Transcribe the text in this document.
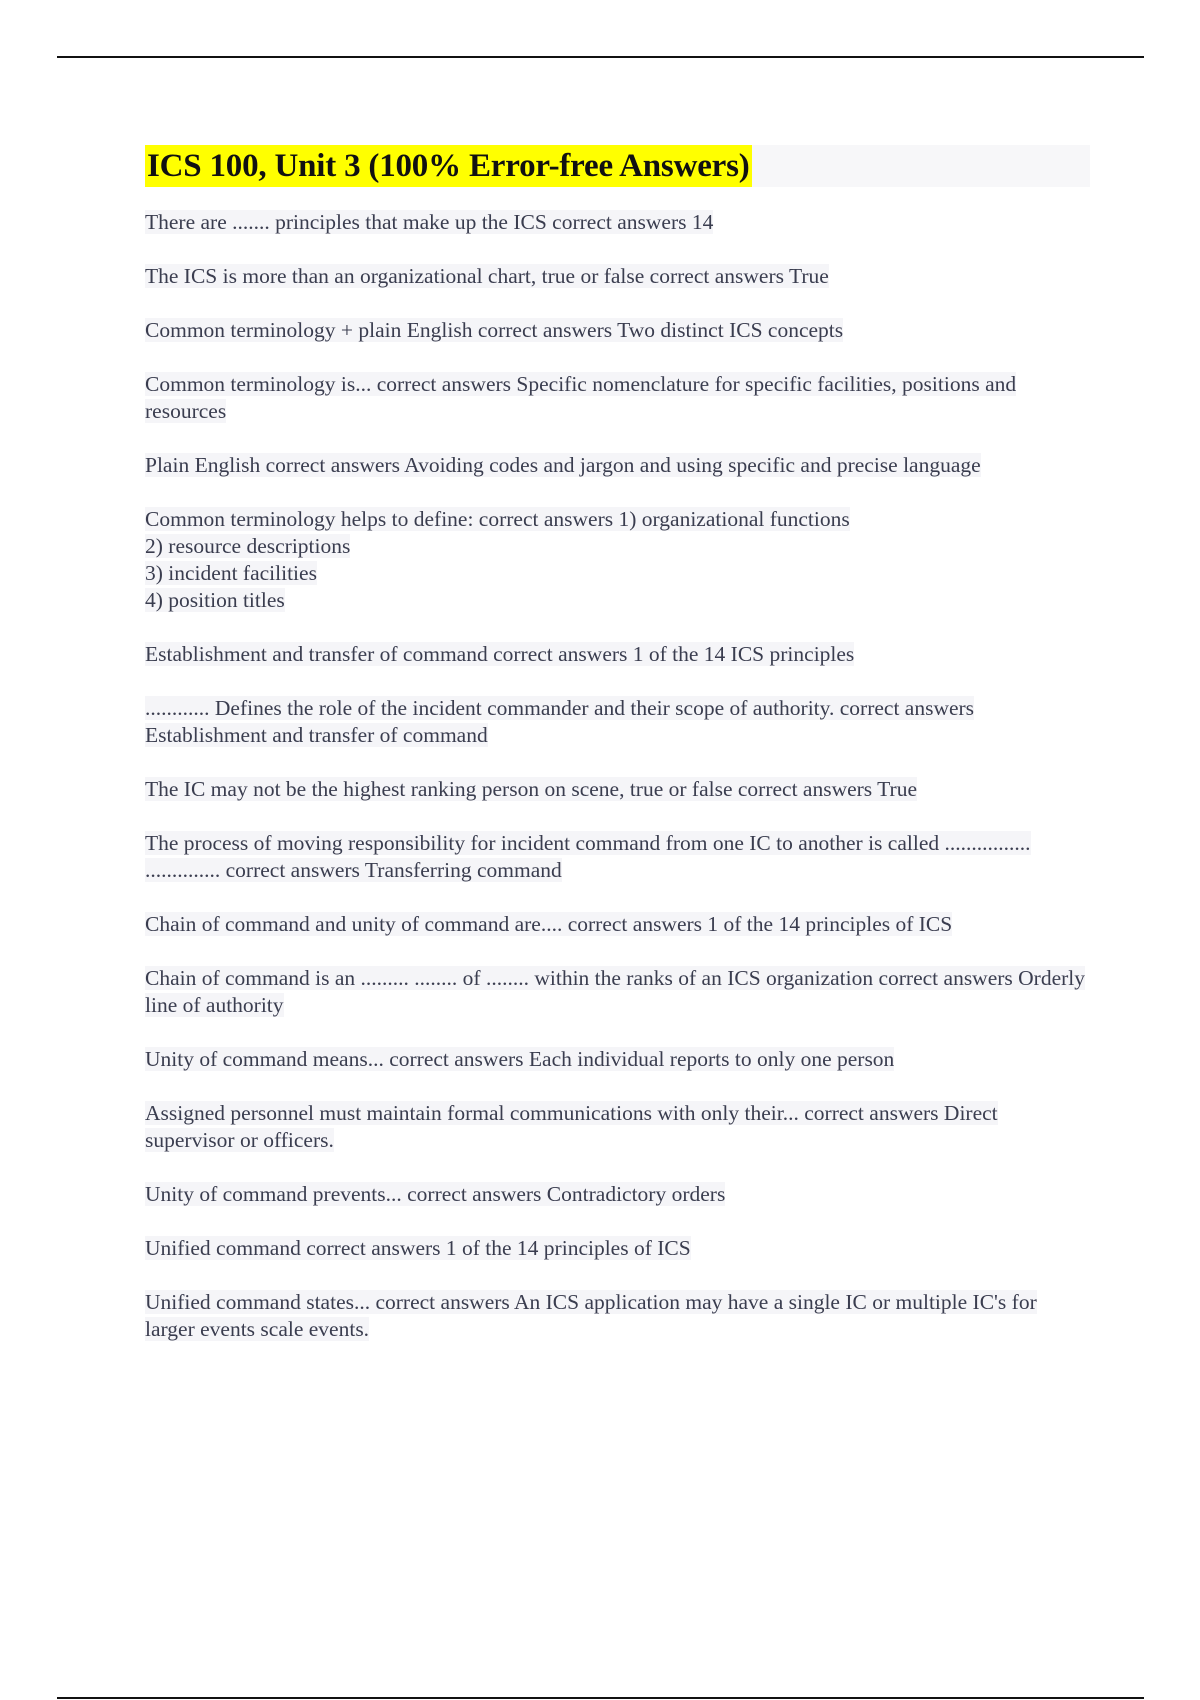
ICS 100, Unit 3 (100% Error-free Answers)
There are ....... principles that make up the ICS correct answers 14
The ICS is more than an organizational chart, true or false correct answers True
Common terminology + plain English correct answers Two distinct ICS concepts
Common terminology is... correct answers Specific nomenclature for specific facilities, positions and resources
Plain English correct answers Avoiding codes and jargon and using specific and precise language
Common terminology helps to define: correct answers 1) organizational functions
2) resource descriptions
3) incident facilities
4) position titles
Establishment and transfer of command correct answers 1 of the 14 ICS principles
............ Defines the role of the incident commander and their scope of authority. correct answers Establishment and transfer of command
The IC may not be the highest ranking person on scene, true or false correct answers True
The process of moving responsibility for incident command from one IC to another is called ................ .............. correct answers Transferring command
Chain of command and unity of command are.... correct answers 1 of the 14 principles of ICS
Chain of command is an ......... ........ of ........ within the ranks of an ICS organization correct answers Orderly line of authority
Unity of command means... correct answers Each individual reports to only one person
Assigned personnel must maintain formal communications with only their... correct answers Direct supervisor or officers.
Unity of command prevents... correct answers Contradictory orders
Unified command correct answers 1 of the 14 principles of ICS
Unified command states... correct answers An ICS application may have a single IC or multiple IC's for larger events scale events.
